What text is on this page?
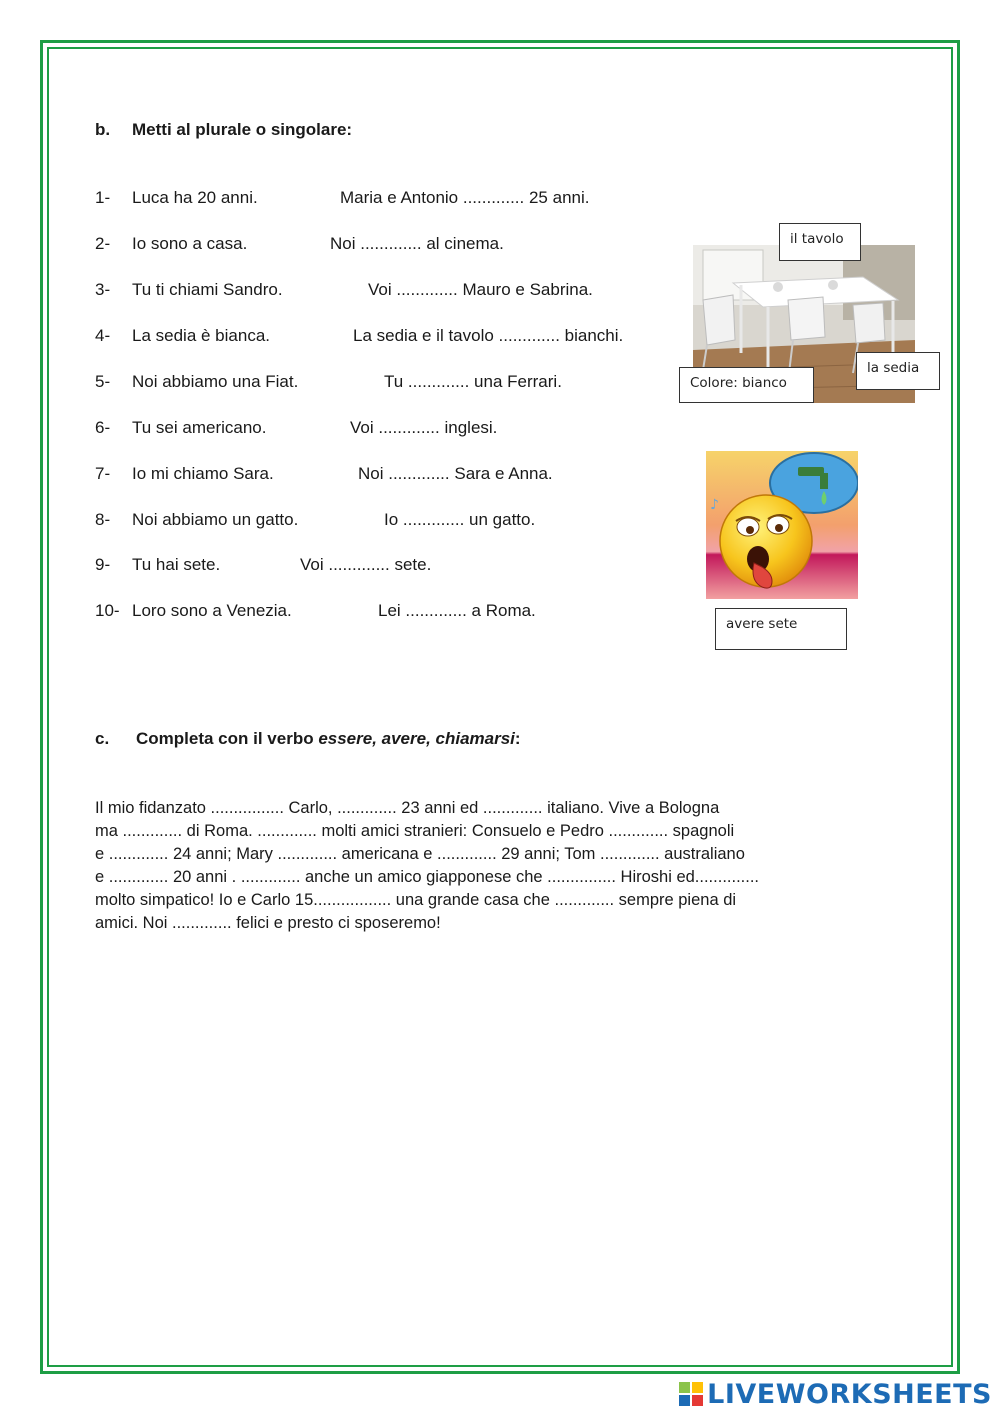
b. Metti al plurale o singolare:
1- Luca ha 20 anni.	Maria e Antonio ............. 25 anni.
2- Io sono a casa.	Noi ............. al cinema.
3- Tu ti chiami Sandro.	Voi ............. Mauro e Sabrina.
4- La sedia è bianca.	La sedia e il tavolo ............. bianchi.
5- Noi abbiamo una Fiat.	Tu ............. una Ferrari.
6- Tu sei americano.	Voi ............. inglesi.
7- Io mi chiamo Sara.	Noi ............. Sara e Anna.
8- Noi abbiamo un gatto.	Io ............. un gatto.
9- Tu hai sete.	Voi ............. sete.
10- Loro sono a Venezia.	Lei ............. a Roma.
il tavolo
la sedia
Colore: bianco
♪
avere sete
c. Completa con il verbo essere, avere, chiamarsi:
Il mio fidanzato ................ Carlo, ............. 23 anni ed ............. italiano. Vive a Bologna
ma ............. di Roma. ............. molti amici stranieri: Consuelo e Pedro ............. spagnoli
e ............. 24 anni; Mary ............. americana e ............. 29 anni; Tom ............. australiano
e ............. 20 anni . ............. anche un amico giapponese che ............... Hiroshi ed..............
molto simpatico! Io e Carlo 15................. una grande casa che ............. sempre piena di
amici. Noi ............. felici e presto ci sposeremo!
LIVEWORKSHEETS
